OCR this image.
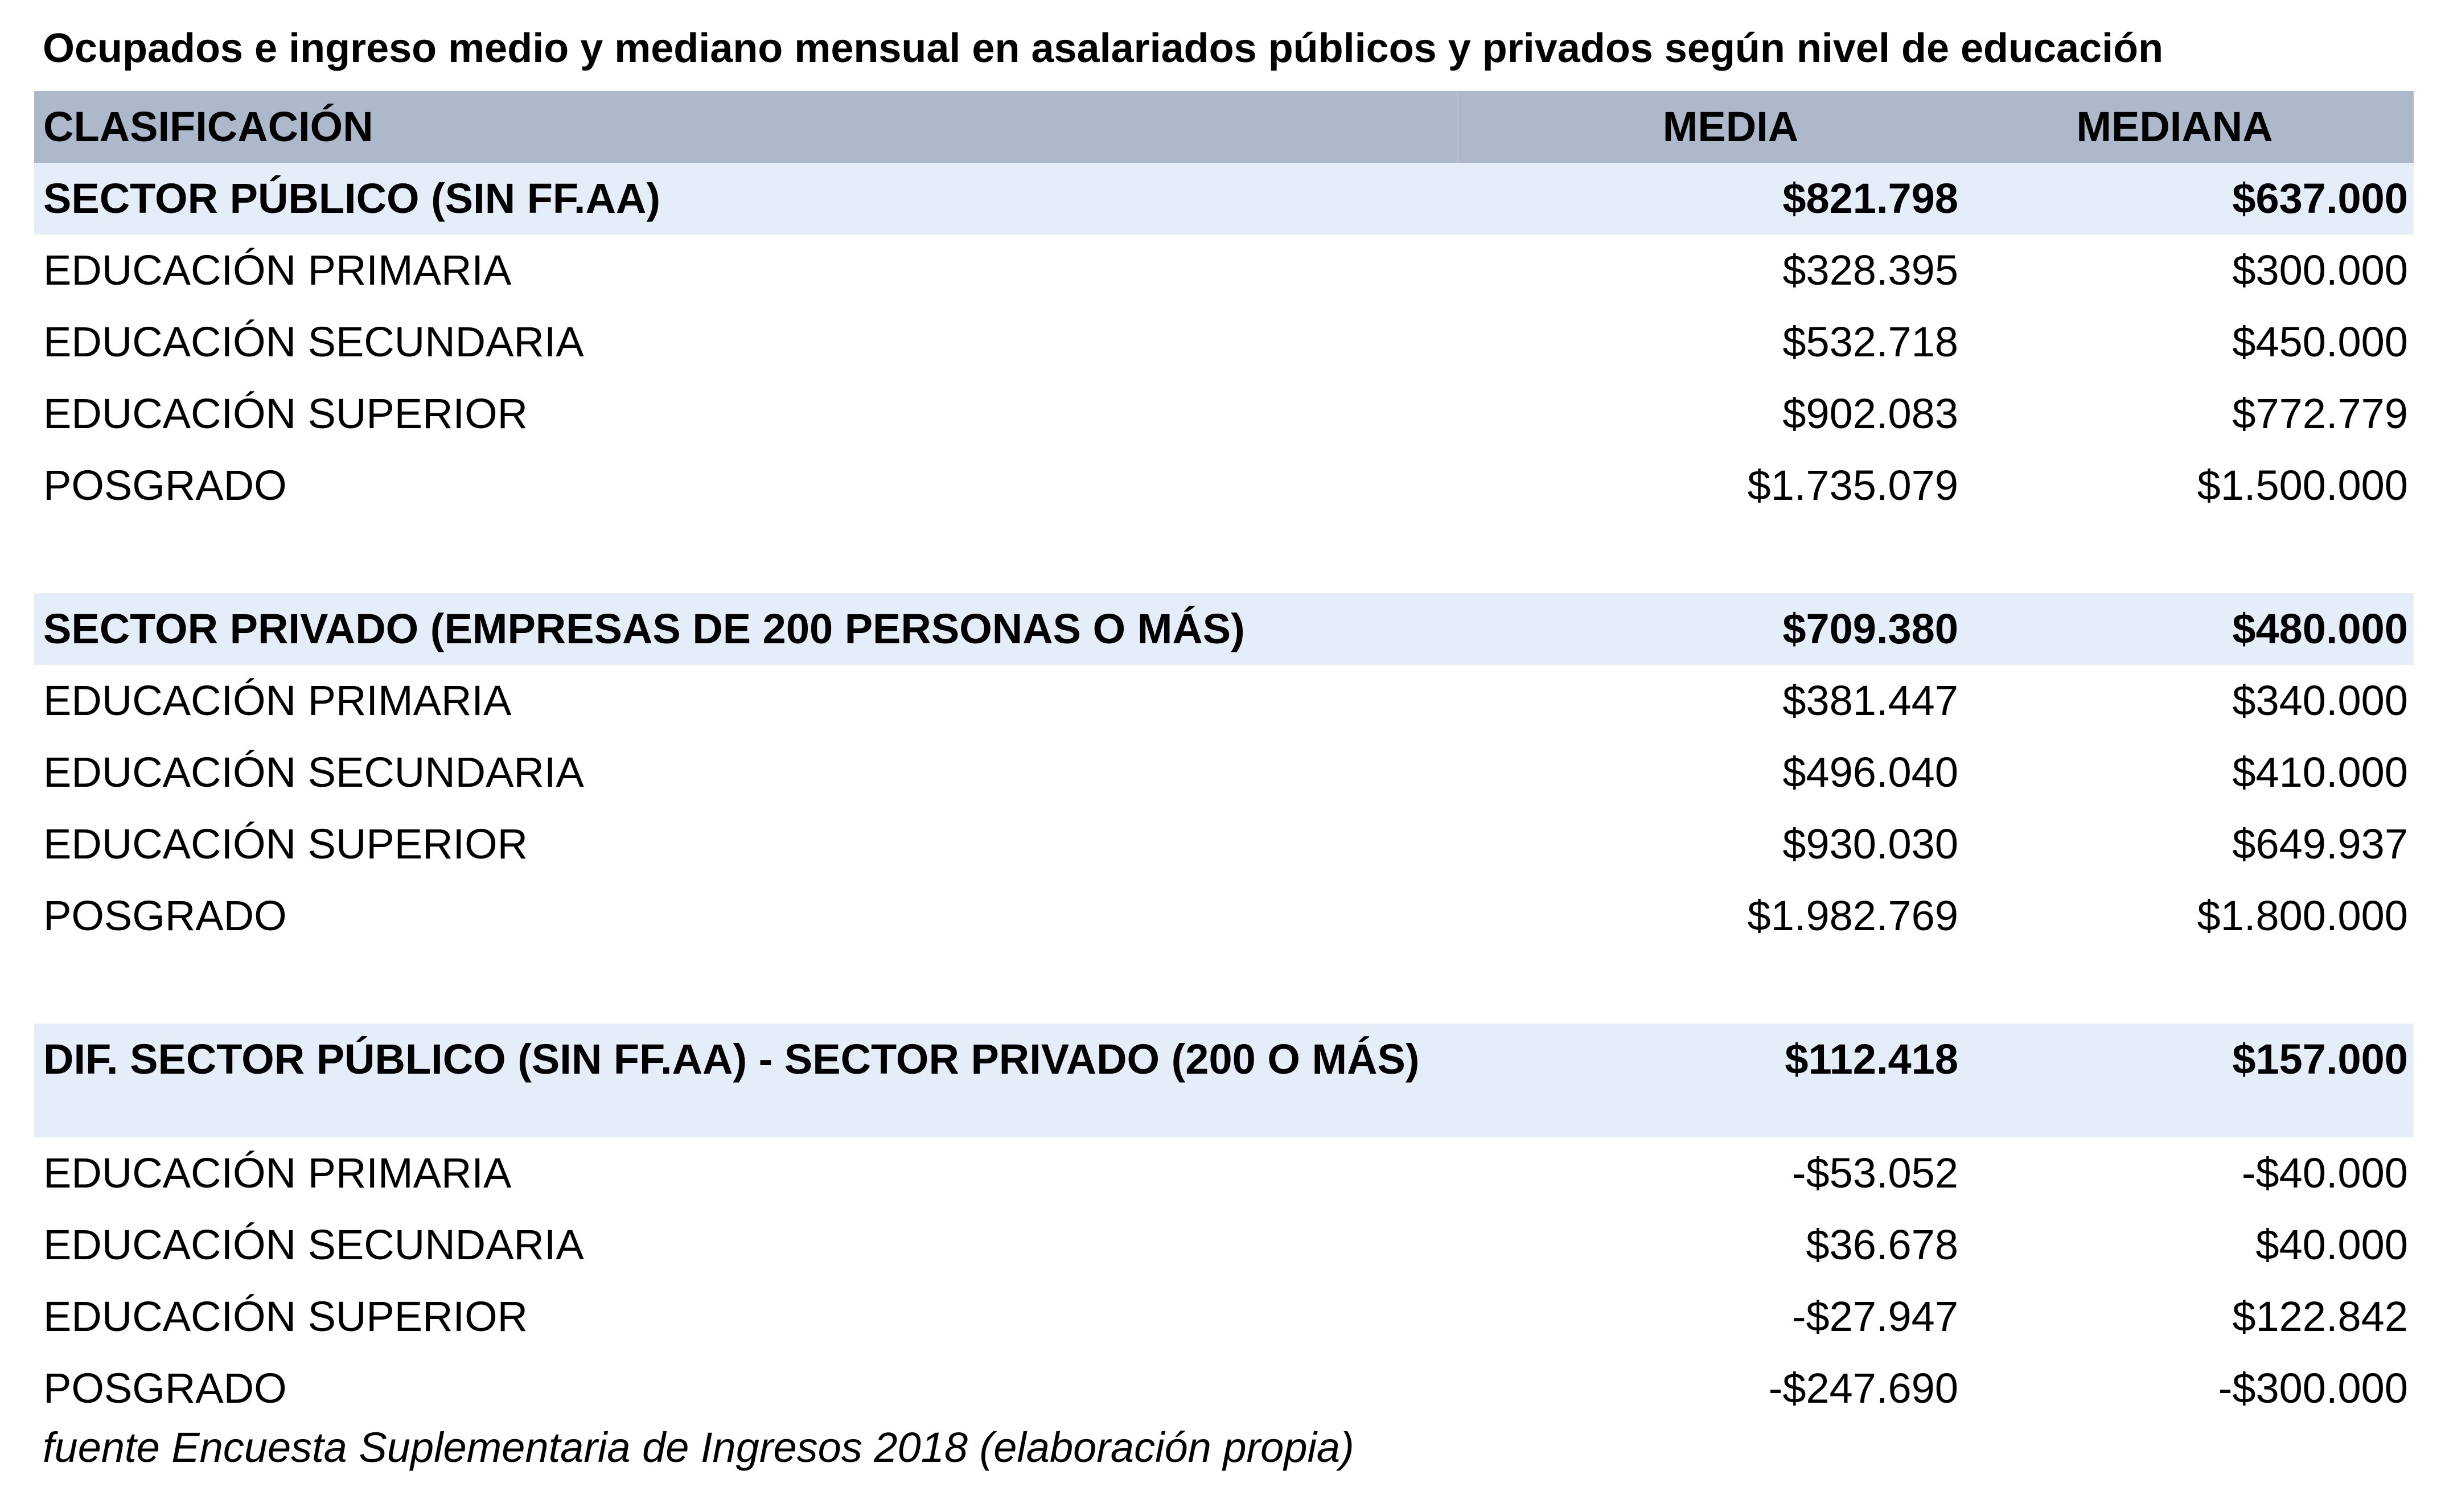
Ocupados e ingreso medio y mediano mensual en asalariados públicos y privados según nivel de educación
CLASIFICACIÓN	MEDIA	MEDIANA
SECTOR PÚBLICO (SIN FF.AA)	$821.798	$637.000
EDUCACIÓN PRIMARIA	$328.395	$300.000
EDUCACIÓN SECUNDARIA	$532.718	$450.000
EDUCACIÓN SUPERIOR	$902.083	$772.779
POSGRADO	$1.735.079	$1.500.000
SECTOR PRIVADO (EMPRESAS DE 200 PERSONAS O MÁS)	$709.380	$480.000
EDUCACIÓN PRIMARIA	$381.447	$340.000
EDUCACIÓN SECUNDARIA	$496.040	$410.000
EDUCACIÓN SUPERIOR	$930.030	$649.937
POSGRADO	$1.982.769	$1.800.000
DIF. SECTOR PÚBLICO (SIN FF.AA) - SECTOR PRIVADO (200 O MÁS)	$112.418	$157.000
EDUCACIÓN PRIMARIA	-$53.052	-$40.000
EDUCACIÓN SECUNDARIA	$36.678	$40.000
EDUCACIÓN SUPERIOR	-$27.947	$122.842
POSGRADO	-$247.690	-$300.000
fuente Encuesta Suplementaria de Ingresos 2018 (elaboración propia)
